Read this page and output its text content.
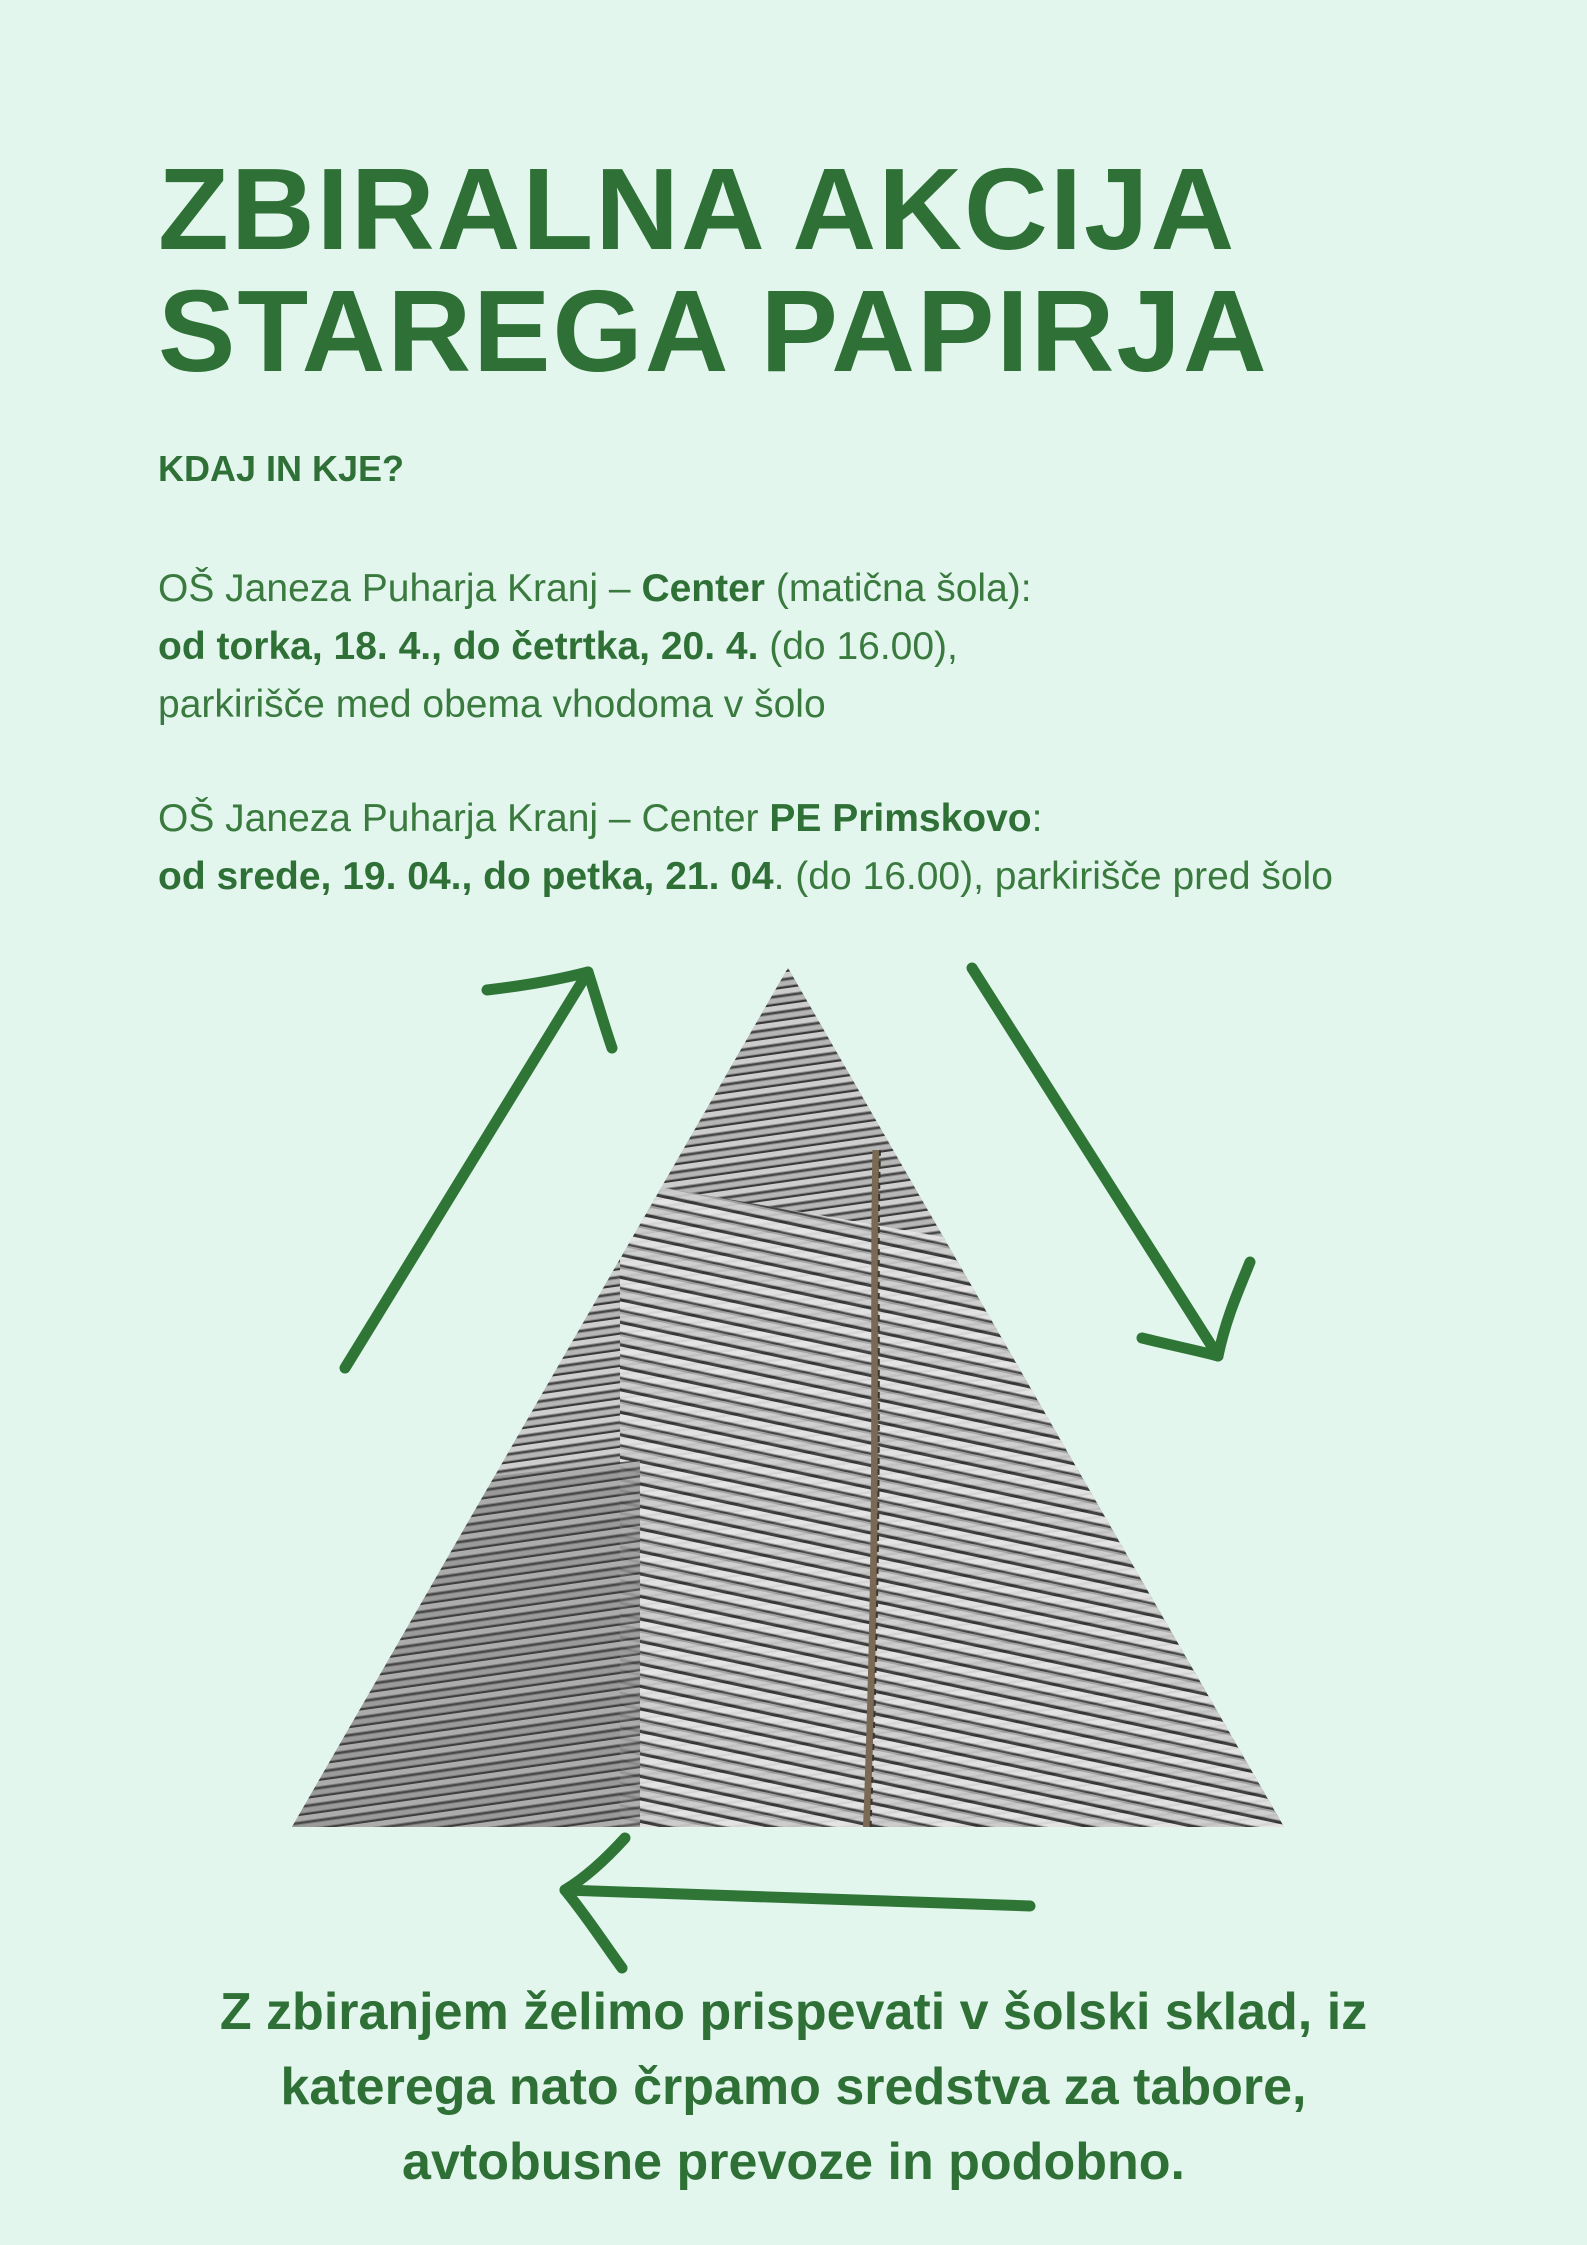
ZBIRALNA AKCIJA
STAREGA PAPIRJA

KDAJ IN KJE?

OŠ Janeza Puharja Kranj – Center (matična šola):
od torka, 18. 4., do četrtka, 20. 4. (do 16.00),
parkirišče med obema vhodoma v šolo
OŠ Janeza Puharja Kranj – Center PE Primskovo:
od srede, 19. 04., do petka, 21. 04. (do 16.00), parkirišče pred šolo
Z zbiranjem želimo prispevati v šolski sklad, iz
katerega nato črpamo sredstva za tabore,
avtobusne prevoze in podobno.
